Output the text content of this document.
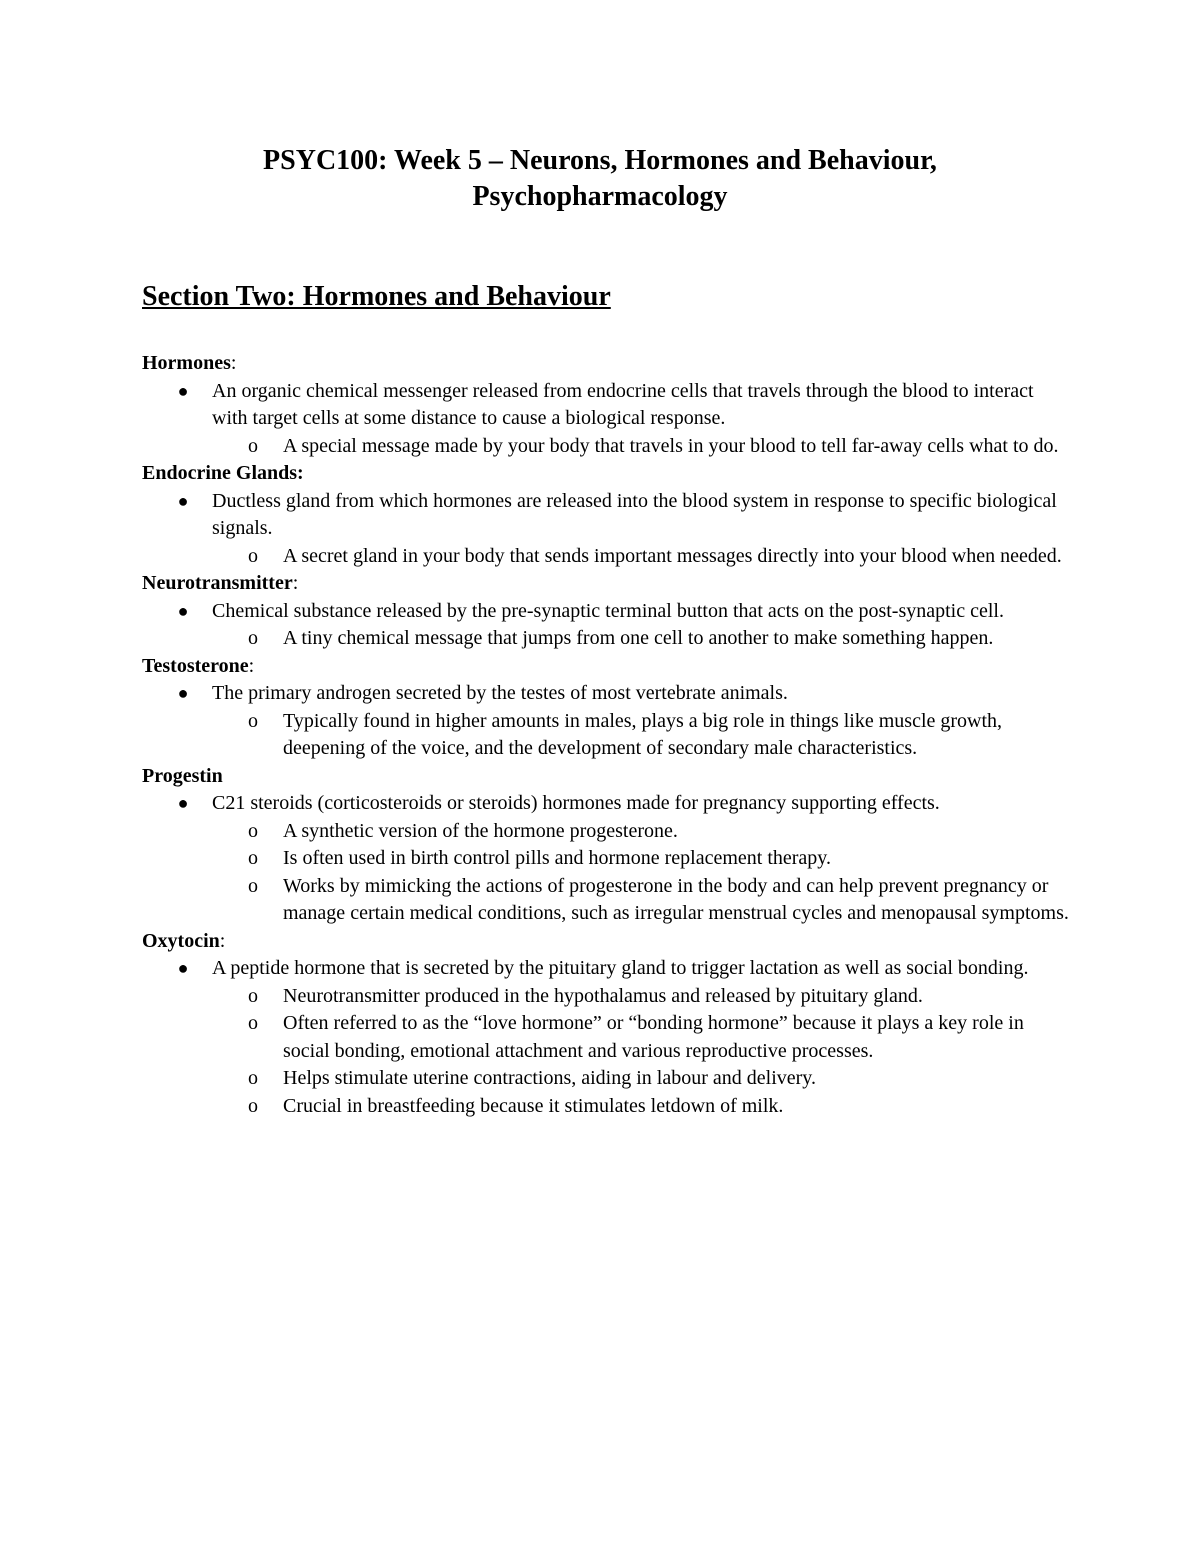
PSYC100: Week 5 – Neurons, Hormones and Behaviour,
Psychopharmacology
Section Two: Hormones and Behaviour

Hormones:

● An organic chemical messenger released from endocrine cells that travels through the blood to interact with target cells at some distance to cause a biological response.
o A special message made by your body that travels in your blood to tell far-away cells what to do.

Endocrine Glands:

● Ductless gland from which hormones are released into the blood system in response to specific biological signals.
o A secret gland in your body that sends important messages directly into your blood when needed.

Neurotransmitter:

● Chemical substance released by the pre-synaptic terminal button that acts on the post-synaptic cell.
o A tiny chemical message that jumps from one cell to another to make something happen.

Testosterone:

● The primary androgen secreted by the testes of most vertebrate animals.
o Typically found in higher amounts in males, plays a big role in things like muscle growth, deepening of the voice, and the development of secondary male characteristics.

Progestin

● C21 steroids (corticosteroids or steroids) hormones made for pregnancy supporting effects.
o A synthetic version of the hormone progesterone.
o Is often used in birth control pills and hormone replacement therapy.
o Works by mimicking the actions of progesterone in the body and can help prevent pregnancy or manage certain medical conditions, such as irregular menstrual cycles and menopausal symptoms.

Oxytocin:

● A peptide hormone that is secreted by the pituitary gland to trigger lactation as well as social bonding.
o Neurotransmitter produced in the hypothalamus and released by pituitary gland.
o Often referred to as the “love hormone” or “bonding hormone” because it plays a key role in social bonding, emotional attachment and various reproductive processes.
o Helps stimulate uterine contractions, aiding in labour and delivery.
o Crucial in breastfeeding because it stimulates letdown of milk.
